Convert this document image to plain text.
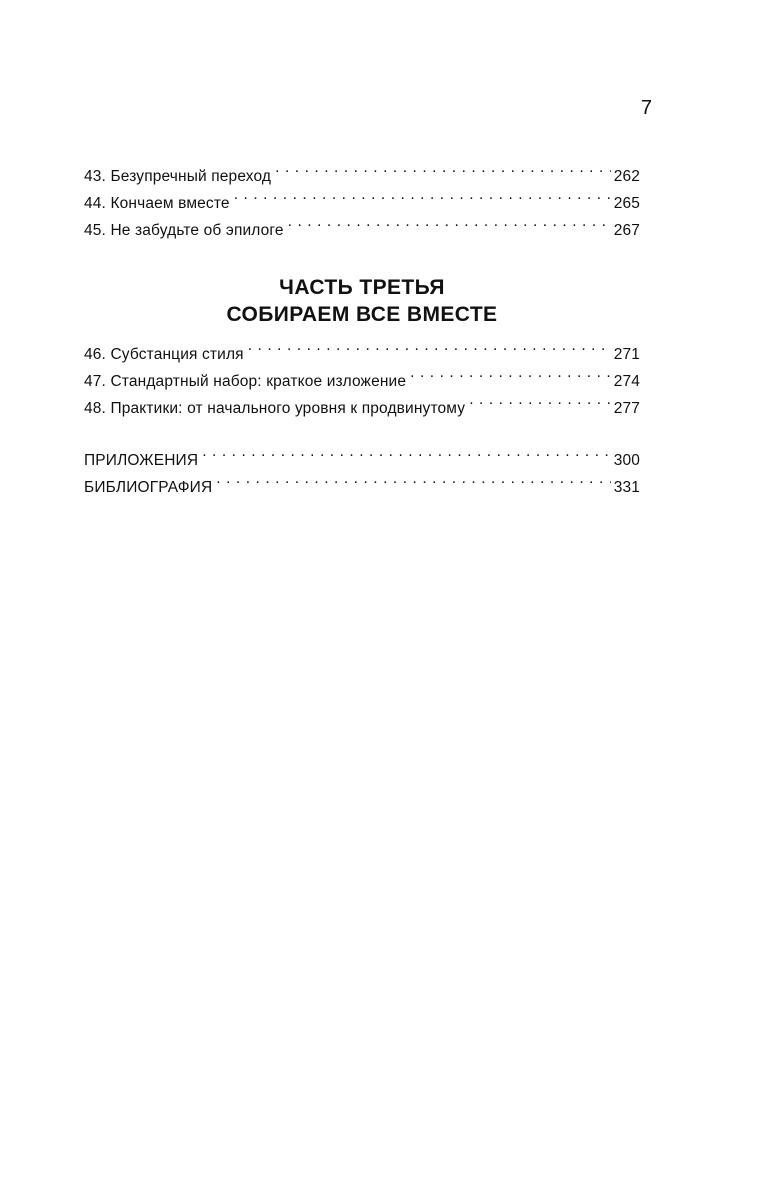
7
43. Безупречный переход . . .	262
44. Кончаем вместе . . .	265
45. Не забудьте об эпилоге . . .	267
ЧАСТЬ ТРЕТЬЯ
СОБИРАЕМ ВСЕ ВМЕСТЕ
46. Субстанция стиля . . .	271
47. Стандартный набор: краткое изложение . . .	274
48. Практики: от начального уровня к продвинутому . . .	277
ПРИЛОЖЕНИЯ . . .	300
БИБЛИОГРАФИЯ . . .	331
